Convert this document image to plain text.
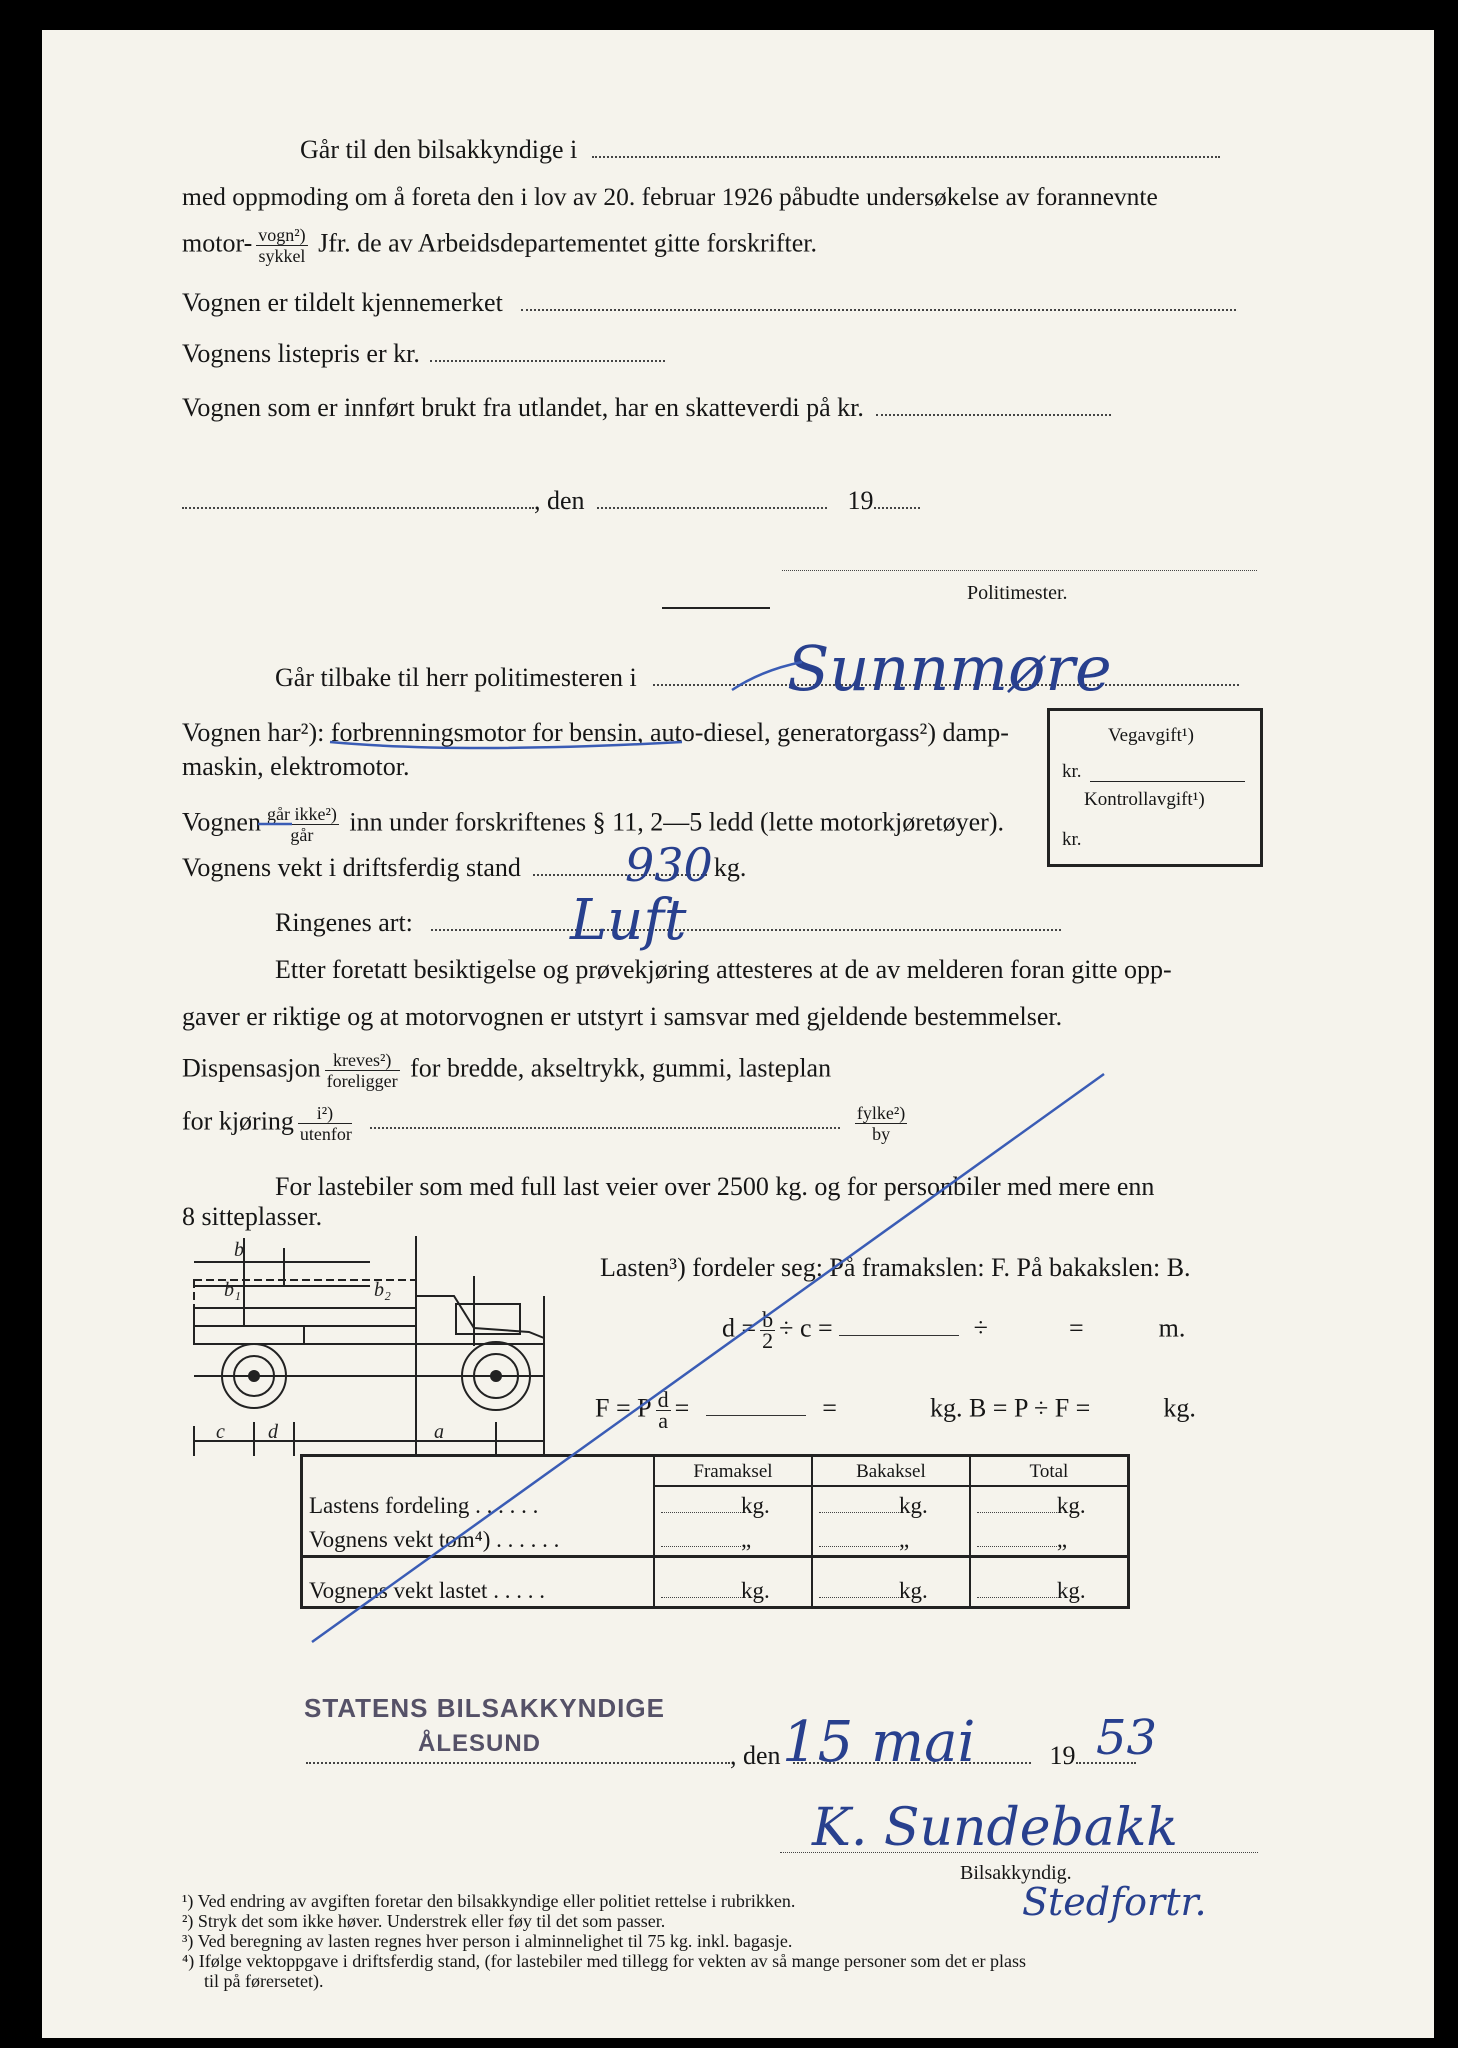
Går til den bilsakkyndige i
med oppmoding om å foreta den i lov av 20. februar 1926 påbudte undersøkelse av forannevnte
motor- $\frac{\text{vogn²)}}{\text{sykkel}}$ Jfr. de av Arbeidsdepartementet gitte forskrifter.
Vognen er tildelt kjennemerket
Vognens listepris er kr.
Vognen som er innført brukt fra utlandet, har en skatteverdi på kr.
, den	19
Politimester.
Går tilbake til herr politimesteren i
Vognen har²): forbrenningsmotor for bensin, auto-diesel, generatorgass²) damp-
maskin, elektromotor.
Vognen $\frac{\text{går ikke²)}}{\text{går}}$ inn under forskriftenes § 11, 2—5 ledd (lette motorkjøretøyer).
Vognens vekt i driftsferdig stand	kg.
Ringenes art:
Etter foretatt besiktigelse og prøvekjøring attesteres at de av melderen foran gitte opp-
gaver er riktige og at motorvognen er utstyrt i samsvar med gjeldende bestemmelser.
Dispensasjon $\frac{\text{kreves²)}}{\text{foreligger}}$ for bredde, akseltrykk, gummi, lasteplan
for kjøring $\frac{\text{i²)}}{\text{utenfor}}$
	$\frac{\text{fylke²)}}{by}$
For lastebiler som med full last veier over 2500 kg. og for personbiler med mere enn
8 sitteplasser.
Lasten³) fordeler seg: På framakslen: F. På bakakslen: B.
$d = \frac{b}{2} \div c$ =	÷	=	m.
F = P $\frac{d}{a}$ =	=	kg. B = P ÷ F =	kg.
b
b₁	b₂
c d	a
Vegavgift¹)
kr.
Kontrollavgift¹)
kr.
	Framaksel	Bakaksel	Total
Lastens fordeling . . . . . .	kg.	kg.	kg.
Vognens vekt tom⁴) . . . . . .	„	„	„
Vognens vekt lastet . . . . .	kg.	kg.	kg.
, den	19
Bilsakkyndig.
STATENS BILSAKKYNDIGE
ÅLESUND
Sunnmøre
930
Luft
15 mai	53
K. Sundebakk
Stedfortr.
¹) Ved endring av avgiften foretar den bilsakkyndige eller politiet rettelse i rubrikken.
²) Stryk det som ikke høver. Understrek eller føy til det som passer.
³) Ved beregning av lasten regnes hver person i alminnelighet til 75 kg. inkl. bagasje.
⁴) Ifølge vektoppgave i driftsferdig stand, (for lastebiler med tillegg for vekten av så mange personer som det er plass
til på førersetet).
